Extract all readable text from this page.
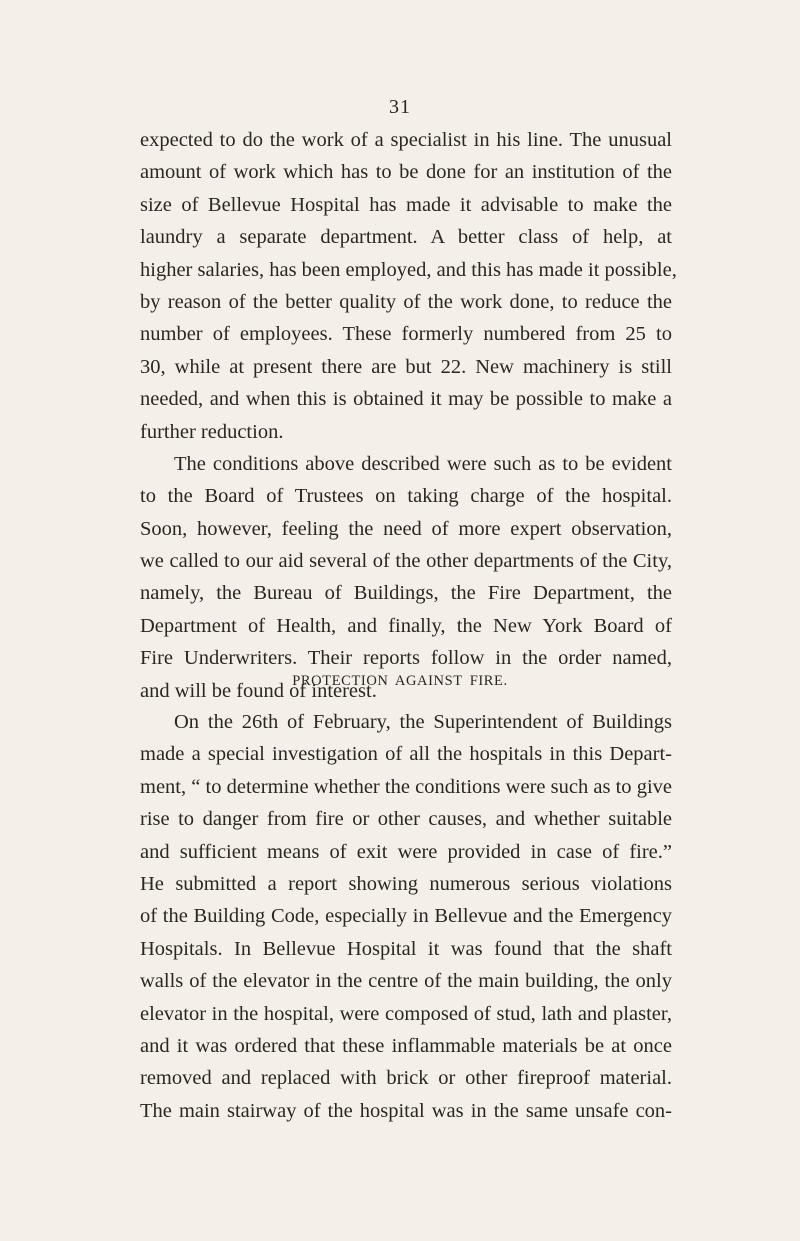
31
expected to do the work of a specialist in his line. The unusual
amount of work which has to be done for an institution of the
size of Bellevue Hospital has made it advisable to make the
laundry a separate department. A better class of help, at
higher salaries, has been employed, and this has made it possible,
by reason of the better quality of the work done, to reduce the
number of employees. These formerly numbered from 25 to
30, while at present there are but 22. New machinery is still
needed, and when this is obtained it may be possible to make a
further reduction.
The conditions above described were such as to be evident
to the Board of Trustees on taking charge of the hospital.
Soon, however, feeling the need of more expert observation,
we called to our aid several of the other departments of the City,
namely, the Bureau of Buildings, the Fire Department, the
Department of Health, and finally, the New York Board of
Fire Underwriters. Their reports follow in the order named,
and will be found of interest.
PROTECTION AGAINST FIRE.
On the 26th of February, the Superintendent of Buildings
made a special investigation of all the hospitals in this Depart-
ment, “ to determine whether the conditions were such as to give
rise to danger from fire or other causes, and whether suitable
and sufficient means of exit were provided in case of fire.”
He submitted a report showing numerous serious violations
of the Building Code, especially in Bellevue and the Emergency
Hospitals. In Bellevue Hospital it was found that the shaft
walls of the elevator in the centre of the main building, the only
elevator in the hospital, were composed of stud, lath and plaster,
and it was ordered that these inflammable materials be at once
removed and replaced with brick or other fireproof material.
The main stairway of the hospital was in the same unsafe con-
